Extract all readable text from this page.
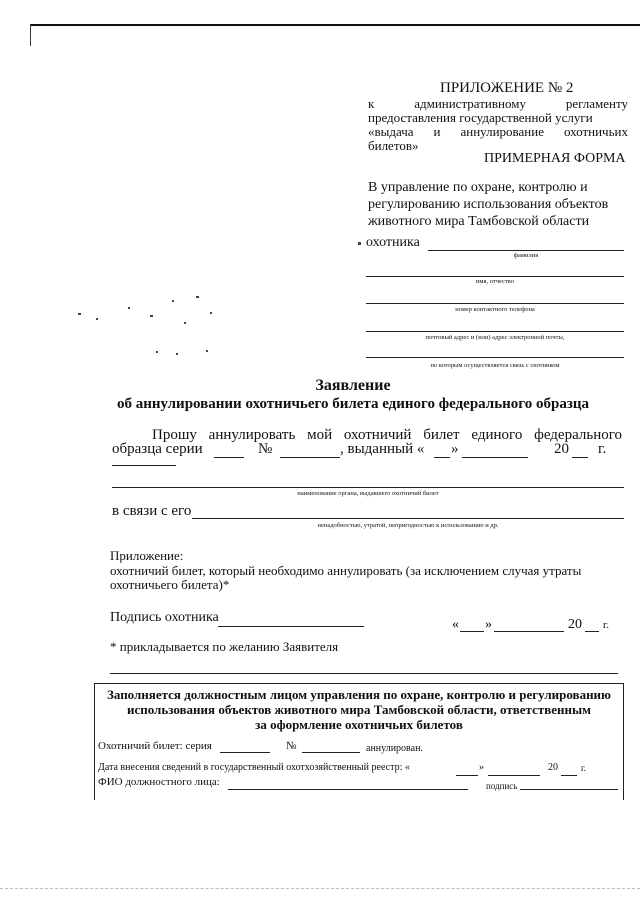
ПРИЛОЖЕНИЕ № 2
к	административному	регламенту
предоставления государственной услуги
«выдача и аннулирование охотничьих
билетов»
ПРИМЕРНАЯ ФОРМА
В управление по охране, контролю и
регулированию использования объектов
животного мира Тамбовской области
охотника
фамилия
имя, отчество
номер контактного телефона
почтовый адрес и (или) адрес электронной почты,
по которым осуществляется связь с охотником
Заявление
об аннулировании охотничьего билета единого федерального образца
Прошу аннулировать мой охотничий билет единого федерального
образца серии	№	, выданный « »	20 г.
наименование органа, выдавшего охотничий билет
в связи с его
ненадобностью, утратой, непригодностью к использованию и др.
Приложение:
охотничий билет, который необходимо аннулировать (за исключением случая утраты
охотничьего билета)*
Подпись охотника	« »	20 г.
* прикладывается по желанию Заявителя
Заполняется должностным лицом управления по охране, контролю и регулированию
использования объектов животного мира Тамбовской области, ответственным
за оформление охотничьих билетов
Охотничий билет: серия	№	аннулирован.
Дата внесения сведений в государственный охотхозяйственный реестр: «	»	20	г.
ФИО должностного лица:	подпись
